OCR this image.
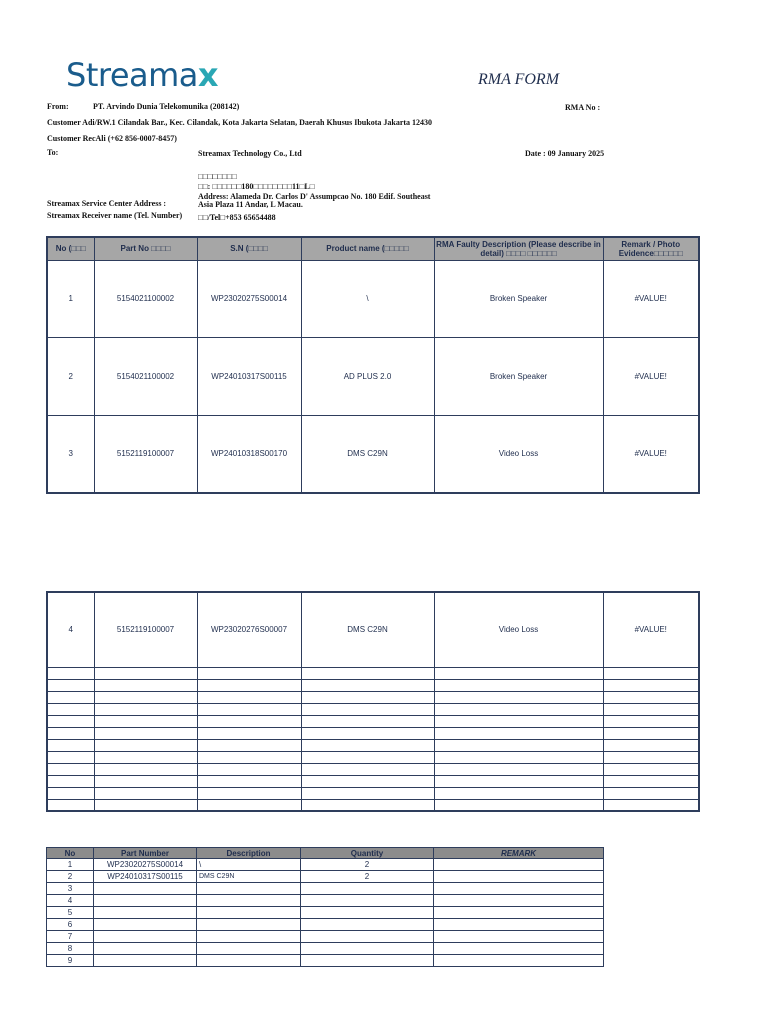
Streamax	RMA FORM
From:	PT. Arvindo Dunia Telekomunika (208142)	RMA No :
Customer Adi/RW.1 Cilandak Bar., Kec. Cilandak, Kota Jakarta Selatan, Daerah Khusus Ibukota Jakarta 12430
Customer RecAli (+62 856-0007-8457)
To:	Streamax Technology Co., Ltd	Date : 09 January 2025
□□□□□□□□
□□: □□□□□□180□□□□□□□□11□L□
Address: Alameda Dr. Carlos D' Assumpcao No. 180 Edif. Southeast
Asia Plaza 11 Andar, L Macau.
□□/Tel□+853 65654488
Streamax Service Center Address :
Streamax Receiver name (Tel. Number)
No (□□□	Part No □□□□	S.N (□□□□	Product name (□□□□□	RMA Faulty Description (Please describe in detail) □□□□ □□□□□□	Remark / Photo Evidence□□□□□□
1	5154021100002	WP23020275S00014	\	Broken Speaker	#VALUE!
2	5154021100002	WP24010317S00115	AD PLUS 2.0	Broken Speaker	#VALUE!
3	5152119100007	WP24010318S00170	DMS C29N	Video Loss	#VALUE!
4	5152119100007	WP23020276S00007	DMS C29N	Video Loss	#VALUE!

No	Part Number	Description	Quantity	REMARK
1	WP23020275S00014	\	2	
2	WP24010317S00115	DMS C29N	2	
3				
4				
5				
6				
7				
8				
9				
